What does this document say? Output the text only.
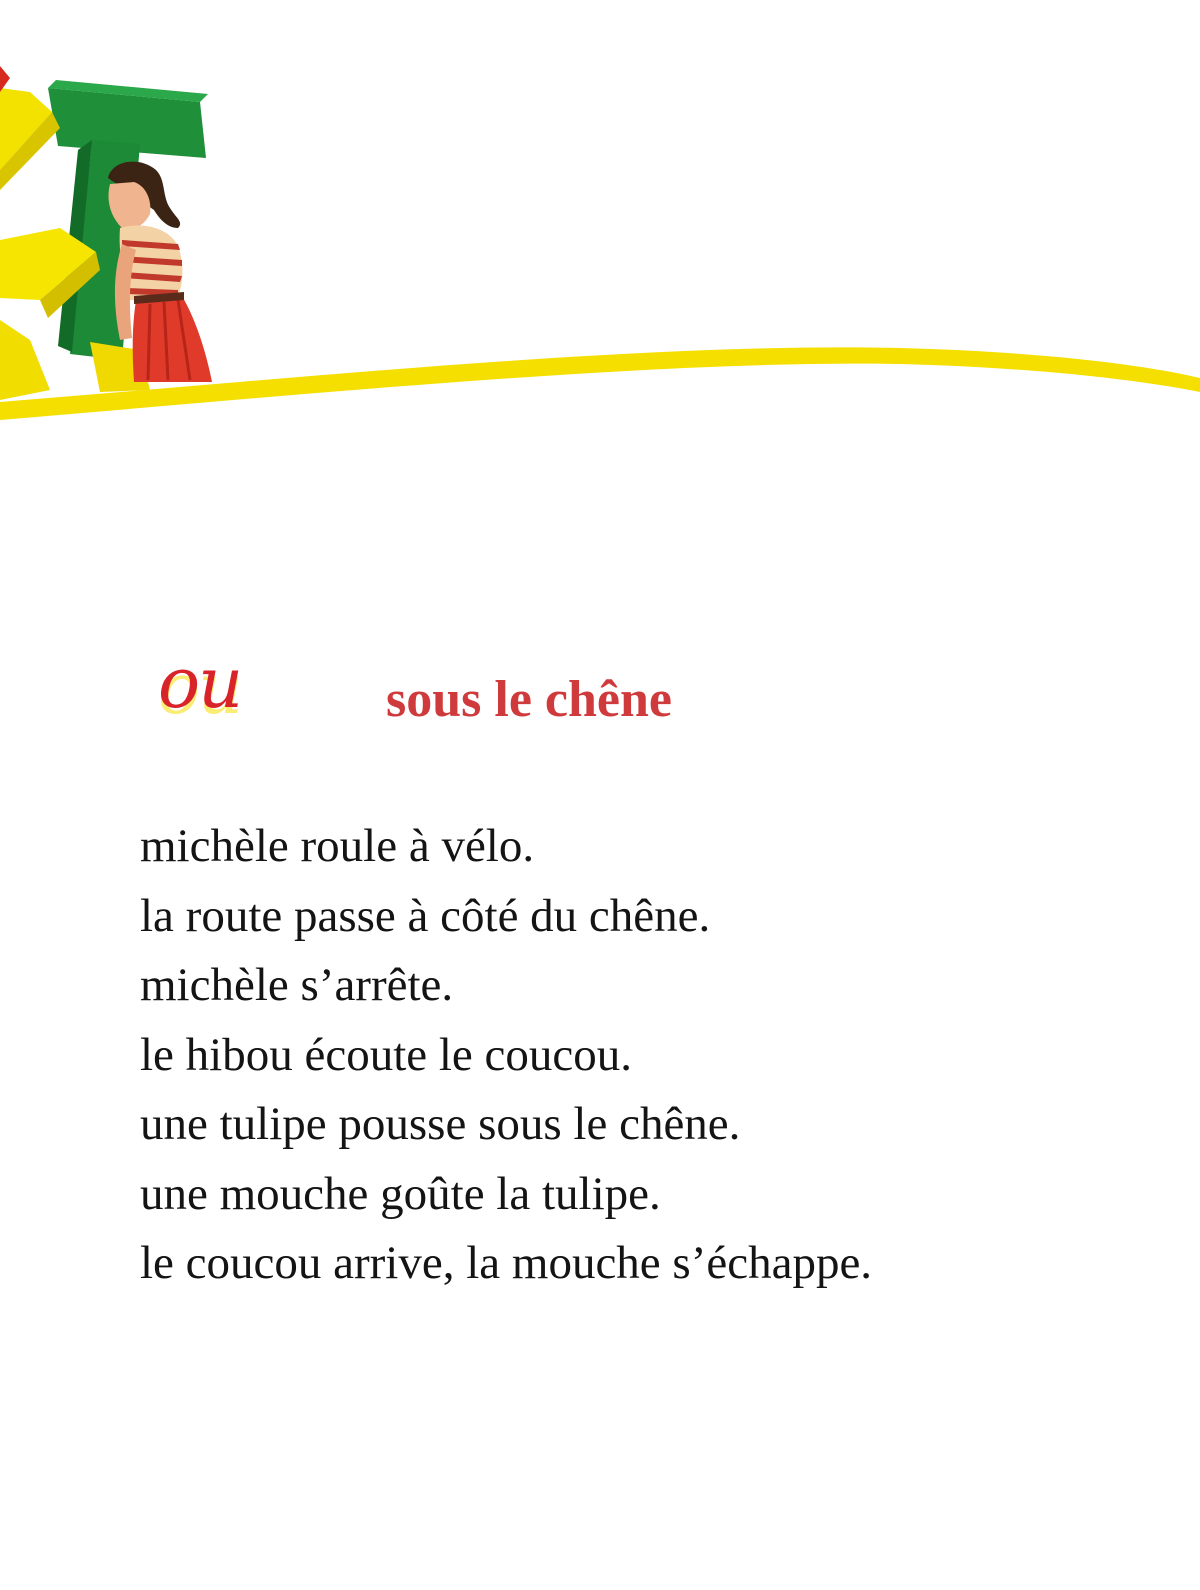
ou	sous le chêne
michèle roule à vélo.
la route passe à côté du chêne.
michèle s’arrête.
le hibou écoute le coucou.
une tulipe pousse sous le chêne.
une mouche goûte la tulipe.
le coucou arrive, la mouche s’échappe.
